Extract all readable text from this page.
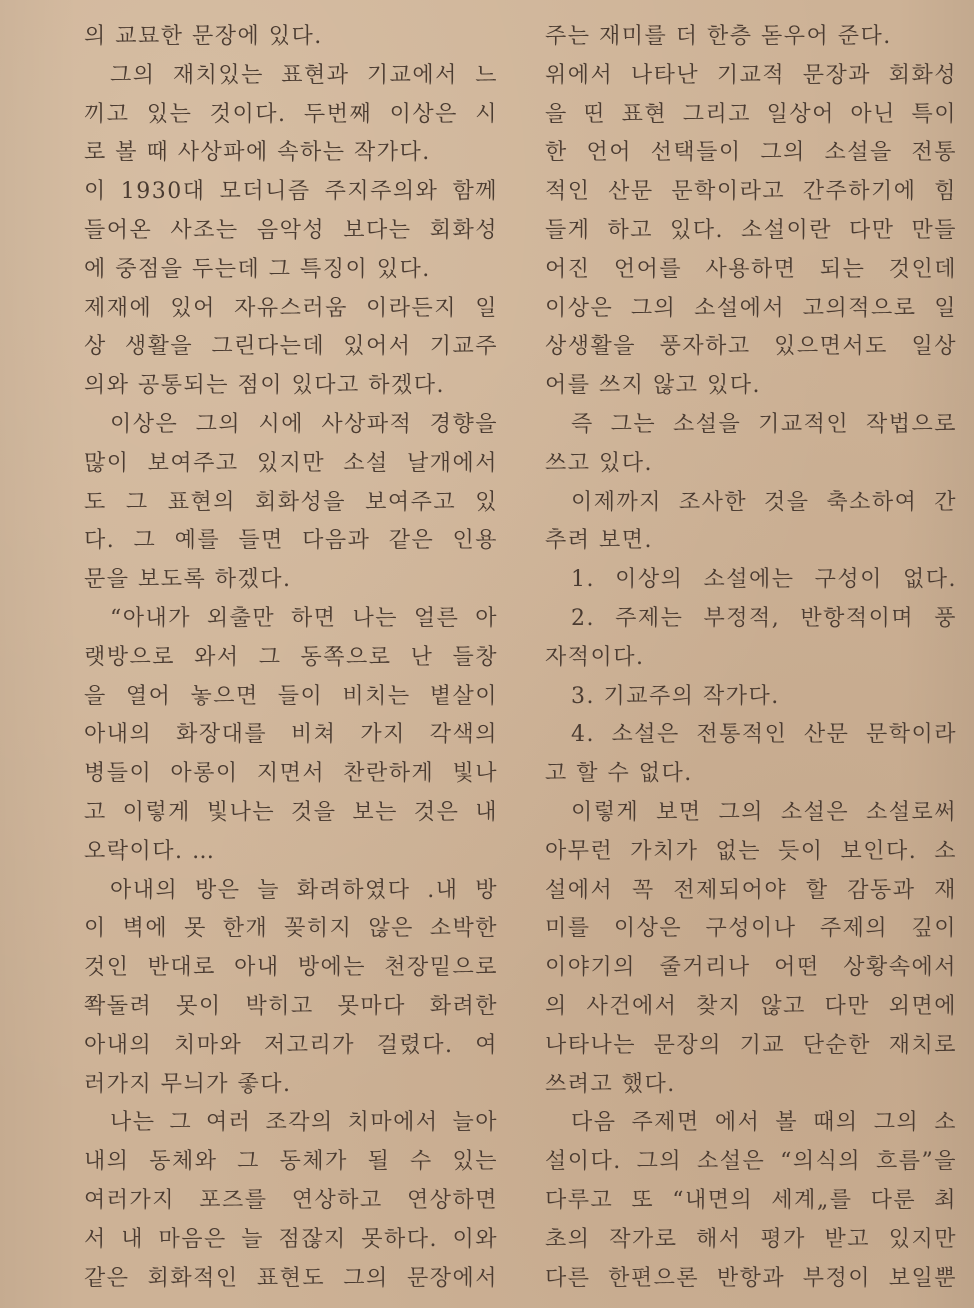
의 교묘한 문장에 있다.
그의 재치있는 표현과 기교에서 느
끼고 있는 것이다. 두번째 이상은 시
로 볼 때 사상파에 속하는 작가다.
이 1930대 모더니즘 주지주의와 함께
들어온 사조는 음악성 보다는 회화성
에 중점을 두는데 그 특징이 있다.
제재에 있어 자유스러움 이라든지 일
상 생활을 그린다는데 있어서 기교주
의와 공통되는 점이 있다고 하겠다.
이상은 그의 시에 사상파적 경향을
많이 보여주고 있지만 소설 날개에서
도 그 표현의 회화성을 보여주고 있
다. 그 예를 들면 다음과 같은 인용
문을 보도록 하겠다.
“아내가 외출만 하면 나는 얼른 아
랫방으로 와서 그 동쪽으로 난 들창
을 열어 놓으면 들이 비치는 볕살이
아내의 화장대를 비쳐 가지 각색의
병들이 아롱이 지면서 찬란하게 빛나
고 이렇게 빛나는 것을 보는 것은 내
오락이다. …
아내의 방은 늘 화려하였다 .내 방
이 벽에 못 한개 꽂히지 않은 소박한
것인 반대로 아내 방에는 천장밑으로
쫙돌려 못이 박히고 못마다 화려한
아내의 치마와 저고리가 걸렸다. 여
러가지 무늬가 좋다.
나는 그 여러 조각의 치마에서 늘아
내의 동체와 그 동체가 될 수 있는
여러가지 포즈를 연상하고 연상하면
서 내 마음은 늘 점잖지 못하다. 이와
같은 회화적인 표현도 그의 문장에서
주는 재미를 더 한층 돋우어 준다.
위에서 나타난 기교적 문장과 회화성
을 띤 표현 그리고 일상어 아닌 특이
한 언어 선택들이 그의 소설을 전통
적인 산문 문학이라고 간주하기에 힘
들게 하고 있다. 소설이란 다만 만들
어진 언어를 사용하면 되는 것인데
이상은 그의 소설에서 고의적으로 일
상생활을 풍자하고 있으면서도 일상
어를 쓰지 않고 있다.
즉 그는 소설을 기교적인 작법으로
쓰고 있다.
이제까지 조사한 것을 축소하여 간
추려 보면.
1. 이상의 소설에는 구성이 없다.
2. 주제는 부정적, 반항적이며 풍
자적이다.
3. 기교주의 작가다.
4. 소설은 전통적인 산문 문학이라
고 할 수 없다.
이렇게 보면 그의 소설은 소설로써
아무런 가치가 없는 듯이 보인다. 소
설에서 꼭 전제되어야 할 감동과 재
미를 이상은 구성이나 주제의 깊이
이야기의 줄거리나 어떤 상황속에서
의 사건에서 찾지 않고 다만 외면에
나타나는 문장의 기교 단순한 재치로
쓰려고 했다.
다음 주제면 에서 볼 때의 그의 소
설이다. 그의 소설은 “의식의 흐름”을
다루고 또 “내면의 세계„를 다룬 최
초의 작가로 해서 평가 받고 있지만
다른 한편으론 반항과 부정이 보일뿐
